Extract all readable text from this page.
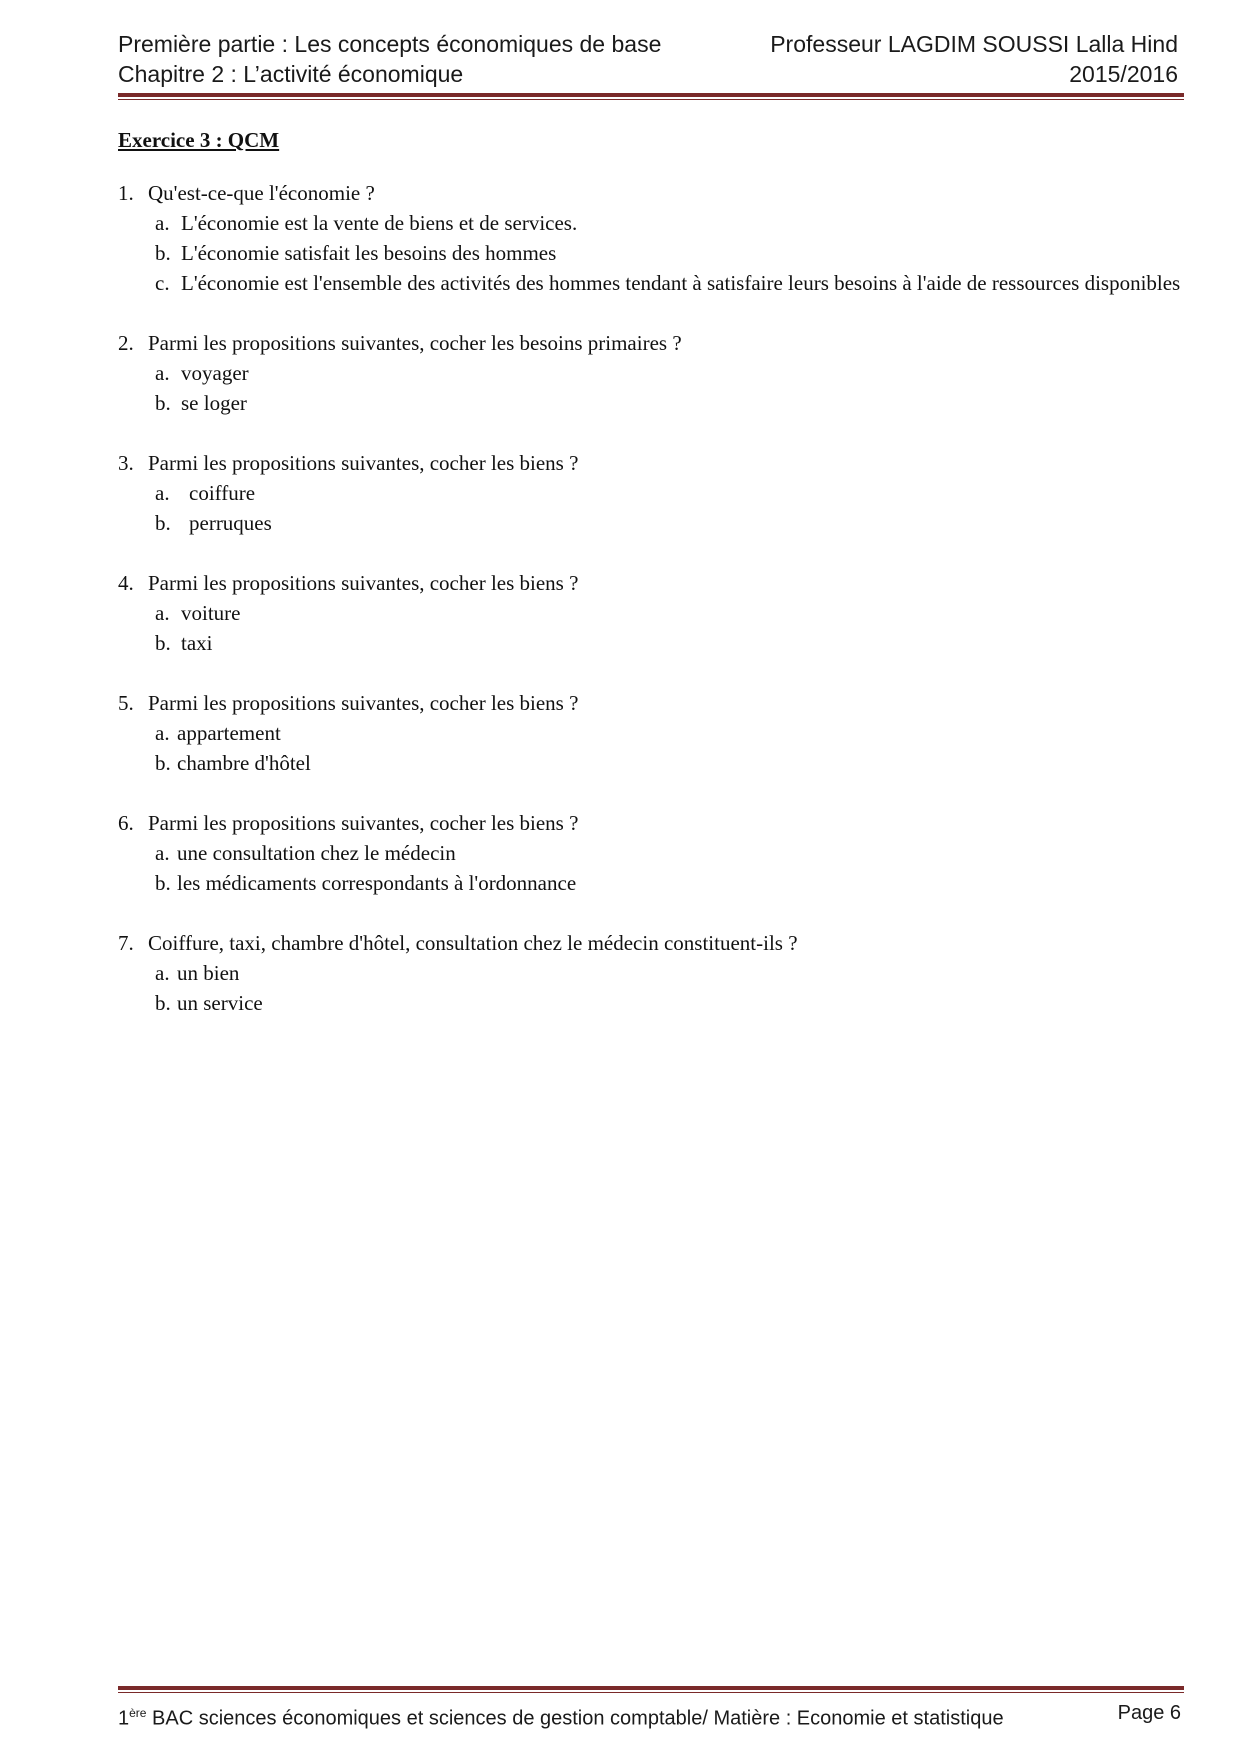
Première partie : Les concepts économiques de base	Professeur LAGDIM SOUSSI Lalla Hind
Chapitre 2 : L’activité économique	2015/2016
Exercice 3 : QCM
1. Qu'est-ce-que l'économie ?
a. L'économie est la vente de biens et de services.
b. L'économie satisfait les besoins des hommes
c. L'économie est l'ensemble des activités des hommes tendant à satisfaire leurs besoins à l'aide de ressources disponibles
2. Parmi les propositions suivantes, cocher les besoins primaires ?
a. voyager
b. se loger
3. Parmi les propositions suivantes, cocher les biens ?
a. coiffure
b. perruques
4. Parmi les propositions suivantes, cocher les biens ?
a. voiture
b. taxi
5. Parmi les propositions suivantes, cocher les biens ?
a. appartement
b. chambre d'hôtel
6. Parmi les propositions suivantes, cocher les biens ?
a. une consultation chez le médecin
b. les médicaments correspondants à l'ordonnance
7. Coiffure, taxi, chambre d'hôtel, consultation chez le médecin constituent-ils ?
a. un bien
b. un service
1ère BAC sciences économiques et sciences de gestion comptable/ Matière : Economie et statistique	Page 6
